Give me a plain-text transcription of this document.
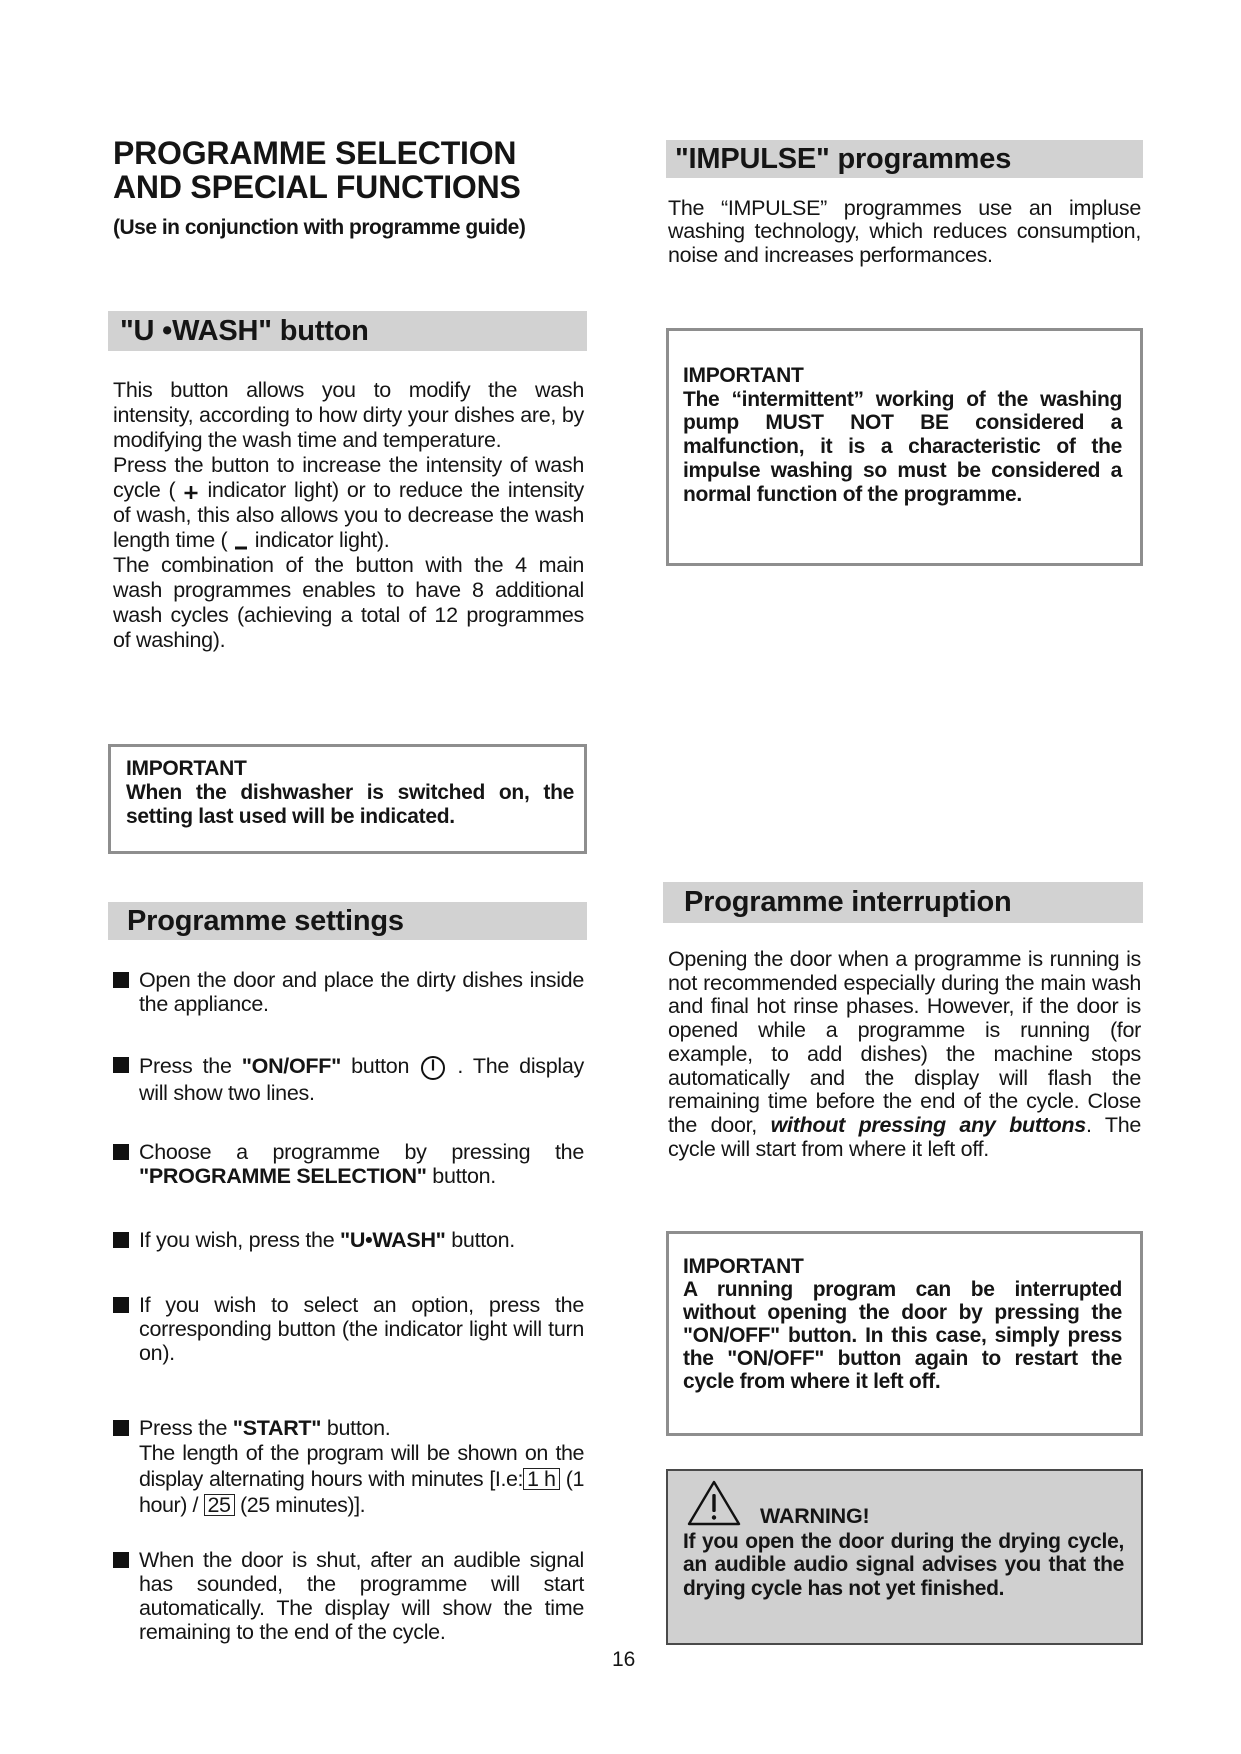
PROGRAMME SELECTION
AND SPECIAL FUNCTIONS
(Use in conjunction with programme guide)
"U •WASH" button
This button allows you to modify the wash intensity, according to how dirty your dishes are, by modifying the wash time and temperature.
Press the button to increase the intensity of wash cycle (  indicator light) or to reduce the intensity of wash, this also allows you to decrease the wash length time (  indicator light).
The combination of the button with the 4 main wash programmes enables to have 8 additional wash cycles (achieving a total of 12 programmes of washing).
IMPORTANT
When the dishwasher is switched on, the setting last used will be indicated.
Programme settings
Open the door and place the dirty dishes inside the appliance.
Press the "ON/OFF" button  . The display will show two lines.
Choose a programme by pressing the "PROGRAMME SELECTION" button.
If you wish, press the "U•WASH" button.
If you wish to select an option, press the corresponding button (the indicator light will turn on).
Press the "START" button.
The length of the program will be shown on the display alternating hours with minutes [I.e: 1 h (1 hour) / 25 (25 minutes)].
When the door is shut, after an audible signal has sounded, the programme will start automatically. The display will show the time remaining to the end of the cycle.
16
"IMPULSE" programmes
The “IMPULSE” programmes use an impluse washing technology, which reduces consumption, noise and increases performances.
IMPORTANT
The “intermittent” working of the washing pump MUST NOT BE considered a malfunction, it is a characteristic of the impulse washing so must be considered a normal function of the programme.
Programme interruption
Opening the door when a programme is running is not recommended especially during the main wash and final hot rinse phases. However, if the door is opened while a programme is running (for example, to add dishes) the machine stops automatically and the display will flash the remaining time before the end of the cycle. Close the door, without pressing any buttons. The cycle will start from where it left off.
IMPORTANT
A running program can be interrupted without opening the door by pressing the "ON/OFF" button. In this case, simply press the "ON/OFF" button again to restart the cycle from where it left off.
WARNING!
If you open the door during the drying cycle, an audible audio signal advises you that the drying cycle has not yet finished.
